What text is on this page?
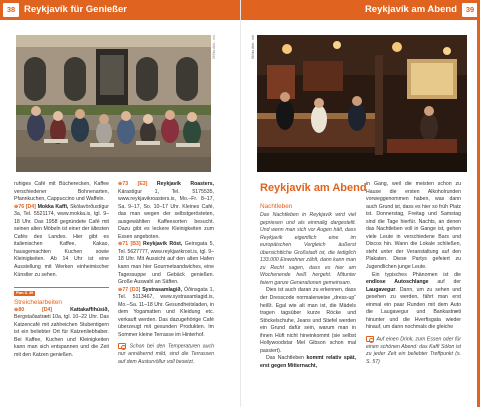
38 Reykjavík für Genießer
069ks Abb.: mb

ruhiges Café mit Bücherecken, Kaffee verschiedener Bohnenarten, Pfannkuchen, Cappuccino und Waffeln.

⊕76 [D4] Mokka Kaffi, Skólavörðustígur 3a, Tel. 5521174, www.mokka.is, tgl. 9–18 Uhr. Das 1958 gegründete Café mit seinen alten Möbeln ist einer der ältesten Cafés des Landes. Hier gibt es italienischen Kaffee, Kakao, hausgemachten Kuchen sowie Kleinigkeiten. Ab 14 Uhr ist eine Ausstellung mit Werken einheimischer Künstler zu sehen.

Plan S. 39
Streichelarbeiten

⊕80 [D4]	Kattakaffihúsið, Bergstaðastræti 10a, tgl. 10–22 Uhr. Das Katzencafé mit zahlreichen Stubentigern ist ein beliebter Ort für Katzenliebhaber. Bei Kaffee, Kuchen und Kleinigkeiten kann man sich entspannen und die Zeit mit den Katzen genießen.

⊕73 [E3] Reykjavík Roasters, Kárastígur 1, Tel. 5175535, www.reykjavikroasters.is, Mo.–Fr. 8–17, Sa. 9–17, So. 10–17 Uhr. Kleines Café, das man wegen der selbstgerösteten, ausgewählten Kaffeesorten besucht. Dazu gibt es leckere Kleinigkeiten zum Essen angeboten.

⊕71 [B3] Reykjavík Röst, Geirsgata 5, Tel. 5627777, www.reykjavikrost.is, tgl. 9–18 Uhr. Mit Aussicht auf den alten Hafen kann man hier Gourmetsandwiches, eine Tagessuppe und Gebäck genießen. Große Auswahl an Säften.

⊕77 [D3] Systrasamlagið, Óðinsgata 1, Tel. 5113467, www.systrasamlagid.is, Mo.–Sa. 11–18 Uhr. Gesundheitsladen, in dem Yogamatten und Kleidung etc. verkauft werden. Das dazugehörige Café überzeugt mit gesunden Produkten. Im Sommer kleine Terrasse im Hinterhof.

Schon bei den Temperaturen auch nur annähernd mild, sind die Terrassen auf dem Austurvöllur voll besetzt.

Reykjavík am Abend	39
064ks Abb.: mb
Nachtleben

Das Nachtleben in Reykjavík wird viel gepriesen und als einmalig dargestellt. Und wenn man sich vor Augen hält, dass Reykjavík eigentlich eine im europäischen Vergleich äußerst übersichtliche Großstadt ist, die lediglich 133.000 Einwohner zählt, dann kann man zu Recht sagen, dass es hier am Wochenende heiß hergeht. Mitunter feiern ganze Generationen gemeinsam.

Dies ist auch daran zu erkennen, dass der Dresscode normalerweise „dress-up“ heißt. Egal wie alt man ist, die Mädels tragen tagsüber kurze Röcke und Stöckelschuhe, Jeans und Stiefel werden ein Grund dafür sein, warum man in ihnen Hüft nicht hineinkommt (sie selbst Hollywoodstar Mel Gibson schon mal passiert).

Das Nachtleben kommt relativ spät, erst gegen Mitternacht,

Reykjavík am Abend in Gang, weil die meisten schon zu Hause die ersten Alkoholrunden vorweggenommen haben, was dann auch Grund ist, dass es hier so früh Platz ist. Donnerstag, Freitag und Samstag sind die Tage hierfür. Nachts, an denen das Nachtleben voll in Gange ist, gehen viele Leute in verschiedene Bars und Discos hin. Wann die Lokale schließen, steht unter der Veranstaltung auf den Plakaten. Diese Partys gefeiert zu Jugendlichen junge Leute.

Ein typisches Phänomen ist die endlose Autoschlange auf der Laugavegur. Dann, um zu sehen und gesehen zu werden, fährt man erst einmal ein paar Runden mit dem Auto die Laugavegur und Bankastræti hinunter und die Hverfisgata wieder hinauf, um dann nochmals die gleiche

Auf einen Drink, zum Essen oder für einen schönen Abend: das Kaffi Sólon ist zu jeder Zeit ein beliebter Treffpunkt (s. S. 57)
